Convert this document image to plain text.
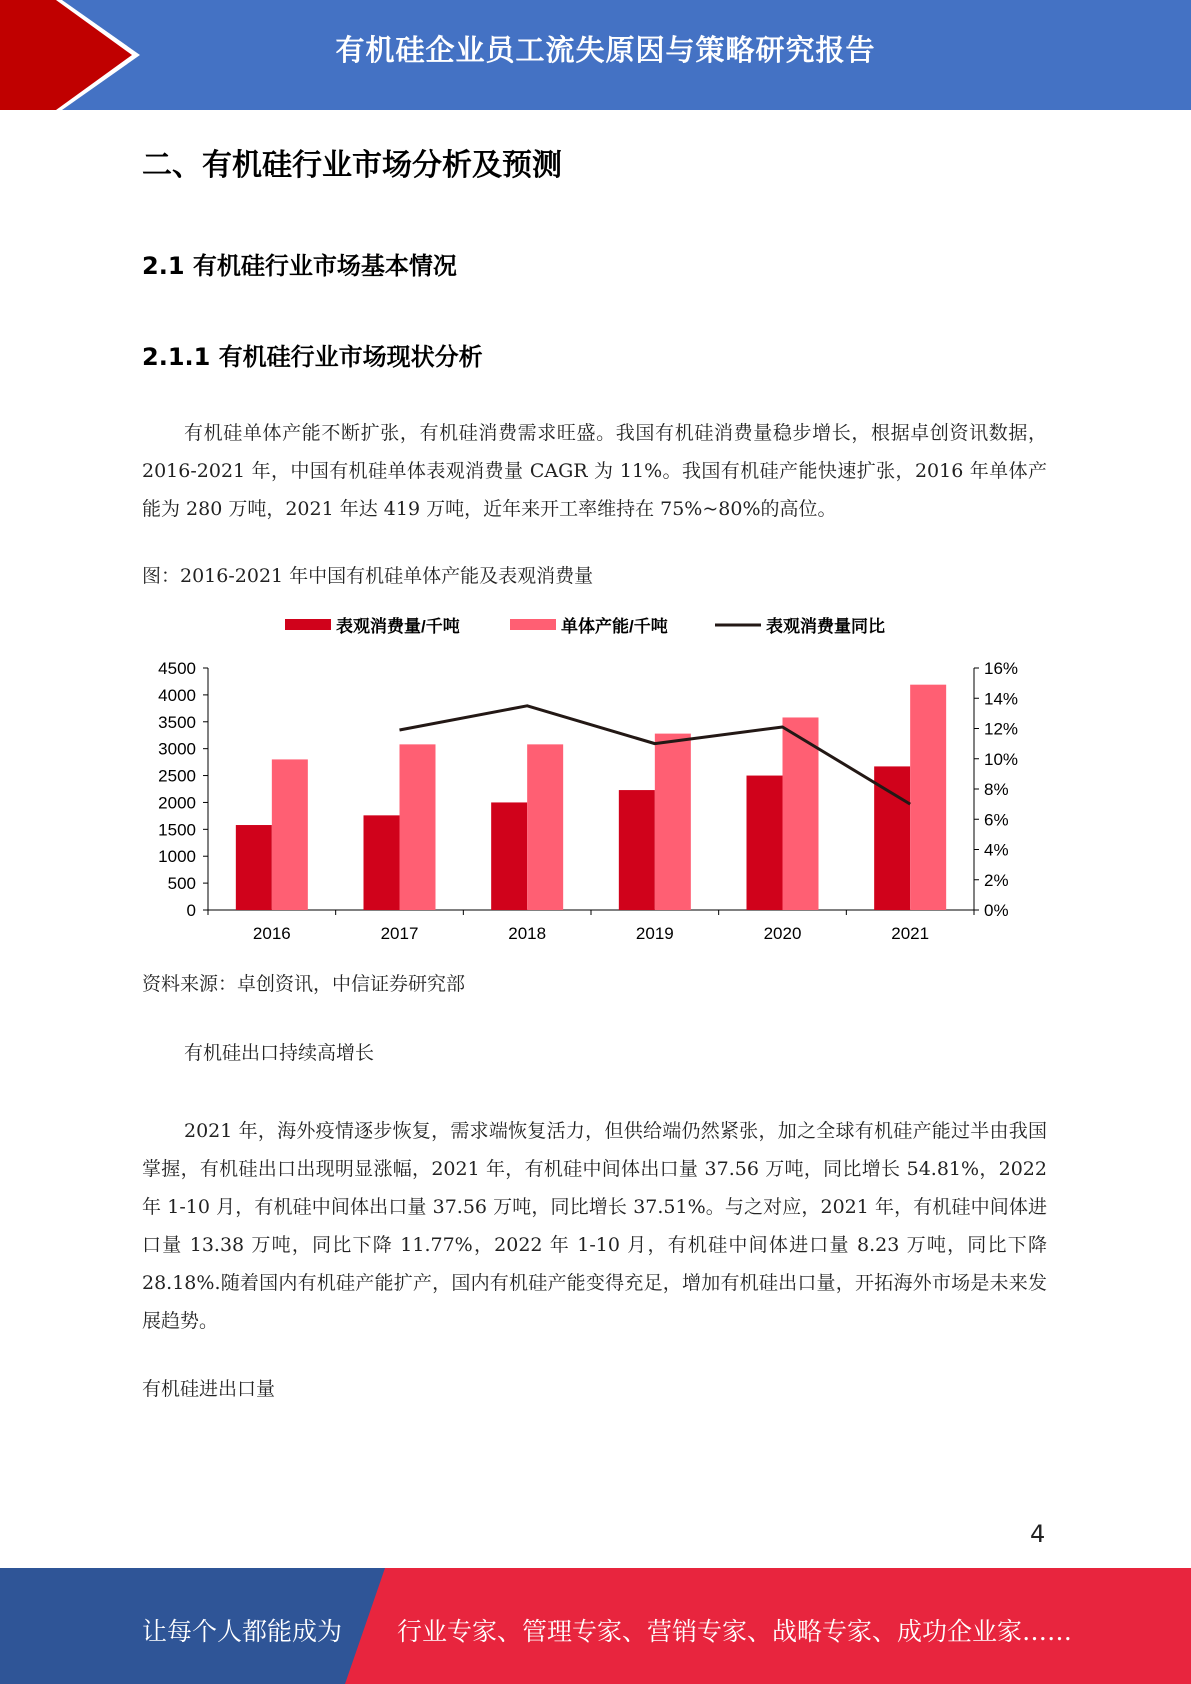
有机硅企业员工流失原因与策略研究报告
二、有机硅行业市场分析及预测
2.1 有机硅行业市场基本情况
2.1.1 有机硅行业市场现状分析
有机硅单体产能不断扩张，有机硅消费需求旺盛。我国有机硅消费量稳步增长，根据卓创资讯数据，2016-2021 年，中国有机硅单体表观消费量 CAGR 为 11%。我国有机硅产能快速扩张，2016 年单体产能为 280 万吨，2021 年达 419 万吨，近年来开工率维持在 75%~80%的高位。
图：2016-2021 年中国有机硅单体产能及表观消费量
表观消费量/千吨	单体产能/千吨	表观消费量同比
0
500
1000
1500
2000
2500
3000
3500
4000
4500
0%
2%
4%
6%
8%
10%
12%
14%
16%
2016	2017	2018	2019	2020	2021
资料来源：卓创资讯，中信证券研究部
有机硅出口持续高增长
2021 年，海外疫情逐步恢复，需求端恢复活力，但供给端仍然紧张，加之全球有机硅产能过半由我国掌握，有机硅出口出现明显涨幅，2021 年，有机硅中间体出口量 37.56 万吨，同比增长 54.81%，2022 年 1-10 月，有机硅中间体出口量 37.56 万吨，同比增长 37.51%。与之对应，2021 年，有机硅中间体进口量 13.38 万吨，同比下降 11.77%，2022 年 1-10 月，有机硅中间体进口量 8.23 万吨，同比下降 28.18%.随着国内有机硅产能扩产，国内有机硅产能变得充足，增加有机硅出口量，开拓海外市场是未来发展趋势。
有机硅进出口量
4
让每个人都能成为 行业专家、管理专家、营销专家、战略专家、成功企业家……
